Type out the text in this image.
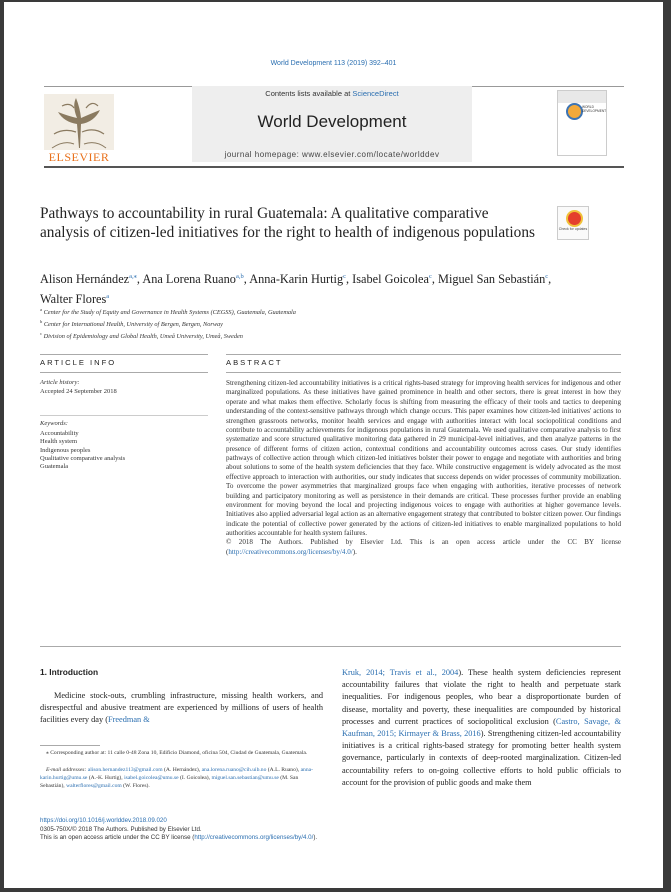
World Development 113 (2019) 392–401
Contents lists available at ScienceDirect
World Development
journal homepage: www.elsevier.com/locate/worlddev
ELSEVIER
WORLD DEVELOPMENT
Pathways to accountability in rural Guatemala: A qualitative comparative analysis of citizen-led initiatives for the right to health of indigenous populations	Check for updates
Alison Hernández$^{a,⁎}$, Ana Lorena Ruano$^{a,b}$, Anna-Karin Hurtig$^c$, Isabel Goicolea$^c$, Miguel San Sebastián$^c$,
Walter Flores$^a$
$^a$ Center for the Study of Equity and Governance in Health Systems (CEGSS), Guatemala, Guatemala
$^b$ Center for International Health, University of Bergen, Bergen, Norway
$^c$ Division of Epidemiology and Global Health, Umeå University, Umeå, Sweden
ARTICLE INFO
Article history:
Accepted 24 September 2018
Keywords:
Accountability
Health system
Indigenous peoples
Qualitative comparative analysis
Guatemala
ABSTRACT

Strengthening citizen-led accountability initiatives is a critical rights-based strategy for improving health services for indigenous and other marginalized populations. As these initiatives have gained prominence in health and other sectors, there is great interest in how they operate and what makes them effective. Scholarly focus is shifting from measuring the efficacy of their tools and tactics to deepening understanding of the context-sensitive pathways through which change occurs. This paper examines how citizen-led initiatives' actions to strengthen grassroots networks, monitor health services and engage with authorities interact with local sociopolitical conditions and contribute to accountability achievements for indigenous populations in rural Guatemala. We used qualitative comparative analysis to first systematize and score structured qualitative monitoring data gathered in 29 municipal-level initiatives, and then analyze patterns in the presence of different forms of citizen action, contextual conditions and accountability outcomes across cases. Our study identifies pathways of collective action through which citizen-led initiatives bolster their power to engage and negotiate with authorities and bring about solutions to some of the health system deficiencies that they face. While constructive engagement is widely advocated as the most effective approach to interaction with authorities, our study indicates that success depends on wider processes of community mobilization. To overcome the power asymmetries that marginalized groups face when engaging with authorities, iterative processes of network building and participatory monitoring as well as persistence in their demands are critical. These processes further provide an enabling environment for moving beyond the local and projecting indigenous voices to engage with authorities at higher governance levels. Initiatives also applied adversarial legal action as an alternative engagement strategy that contributed to bolster citizen power. Our findings indicate the potential of collective power generated by the actions of citizen-led initiatives to enable marginalized populations to hold authorities accountable for health system failures.

© 2018 The Authors. Published by Elsevier Ltd. This is an open access article under the CC BY license (http://creativecommons.org/licenses/by/4.0/).

1. Introduction
Medicine stock-outs, crumbling infrastructure, missing health workers, and disrespectful and abusive treatment are experienced by millions of users of health facilities every day (Freedman &
Kruk, 2014; Travis et al., 2004). These health system deficiencies represent accountability failures that violate the right to health and perpetuate stark inequalities. For indigenous peoples, who bear a disproportionate burden of disease, mortality and poverty, these inequalities are compounded by historical processes and current practices of sociopolitical exclusion (Castro, Savage, & Kaufman, 2015; Kirmayer & Brass, 2016). Strengthening citizen-led accountability initiatives is a critical rights-based strategy for promoting better health system governance, particularly in contexts of deep-rooted marginalization. Citizen-led accountability refers to on-going collective efforts to hold public officials to account for the provision of public goods and make them
⁎ Corresponding author at: 11 calle 0-48 Zona 10, Edificio Diamond, oficina 504, Ciudad de Guatemala, Guatemala.
E-mail addresses: alison.hernandez113@gmail.com (A. Hernández), ana.lorena.ruano@cih.uib.no (A.L. Ruano), anna-karin.hurtig@umu.se (A.-K. Hurtig), isabel.goicolea@umu.se (I. Goicolea), miguel.san.sebastian@umu.se (M. San Sebastián), walterflores@gmail.com (W. Flores).
https://doi.org/10.1016/j.worlddev.2018.09.020
0305-750X/© 2018 The Authors. Published by Elsevier Ltd.
This is an open access article under the CC BY license (http://creativecommons.org/licenses/by/4.0/).
